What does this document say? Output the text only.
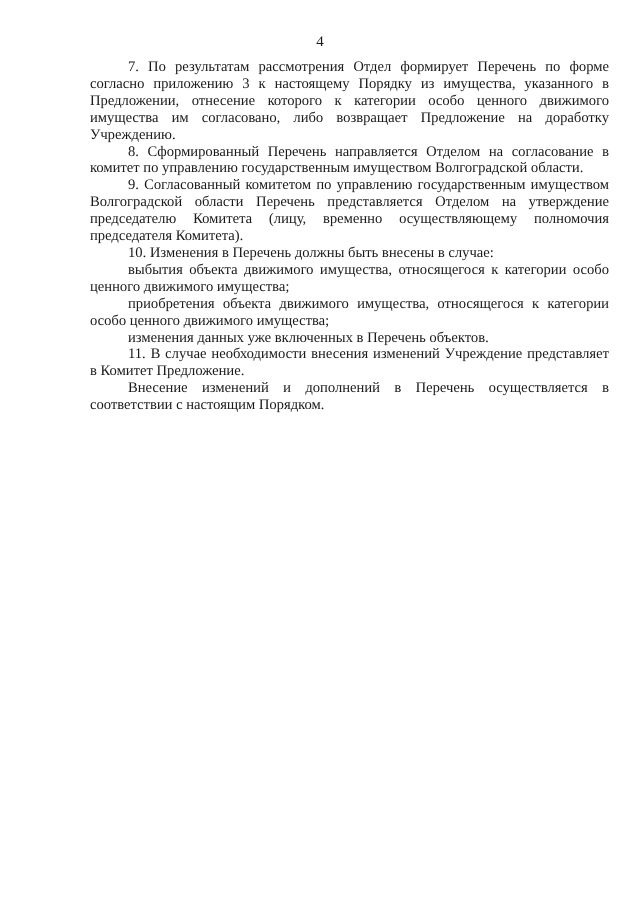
4

7. По результатам рассмотрения Отдел формирует Перечень по форме согласно приложению 3 к настоящему Порядку из имущества, указанного в Предложении, отнесение которого к категории особо ценного движимого имущества им согласовано, либо возвращает Предложение на доработку Учреждению.

8. Сформированный Перечень направляется Отделом на согласование в комитет по управлению государственным имуществом Волгоградской области.

9. Согласованный комитетом по управлению государственным имуществом Волгоградской области Перечень представляется Отделом на утверждение председателю Комитета (лицу, временно осуществляющему полномочия председателя Комитета).

10. Изменения в Перечень должны быть внесены в случае:

выбытия объекта движимого имущества, относящегося к категории особо ценного движимого имущества;

приобретения объекта движимого имущества, относящегося к категории особо ценного движимого имущества;

изменения данных уже включенных в Перечень объектов.

11. В случае необходимости внесения изменений Учреждение представляет в Комитет Предложение.

Внесение изменений и дополнений в Перечень осуществляется в соответствии с настоящим Порядком.
